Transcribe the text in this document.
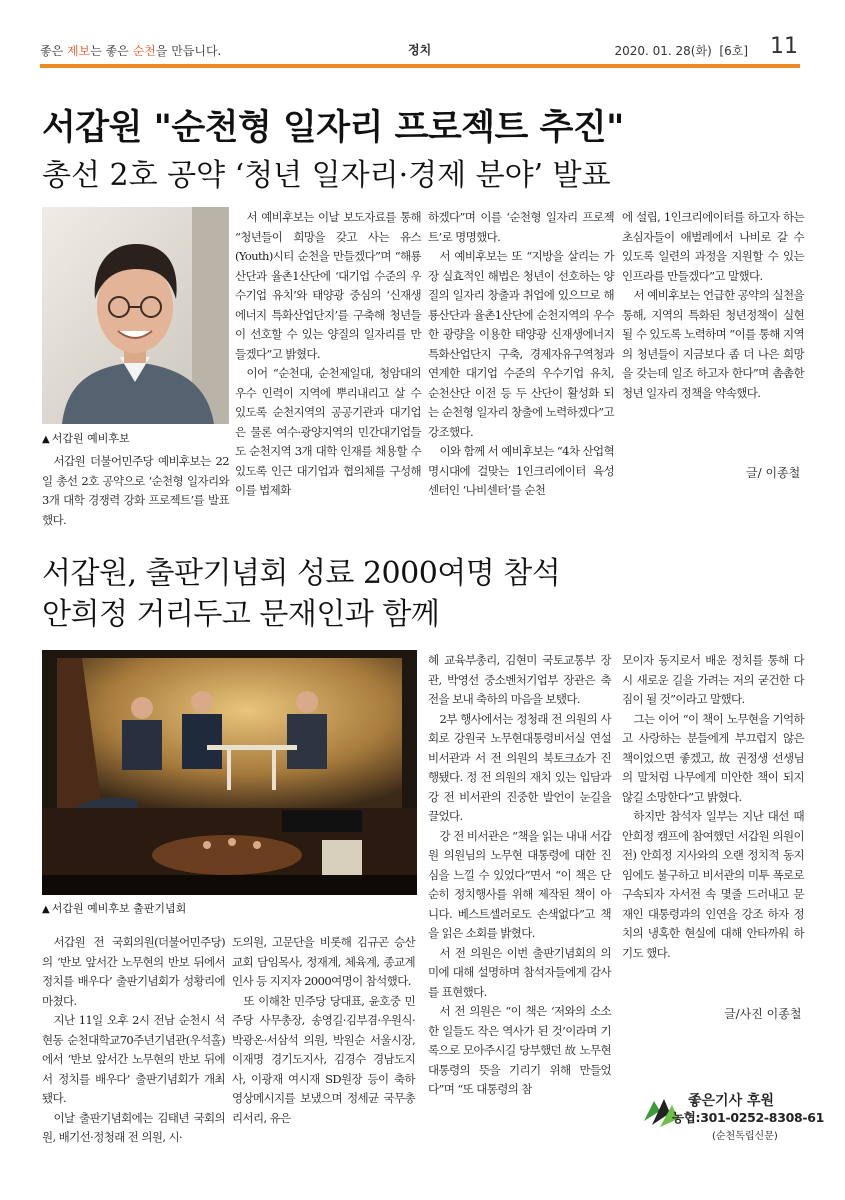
좋은 제보는 좋은 순천을 만듭니다.	정치	2020. 01. 28(화) [6호] 11
서갑원 "순천형 일자리 프로젝트 추진"
총선 2호 공약 ‘청년 일자리·경제 분야’ 발표
▲ 서갑원 예비후보

서갑원 더불어민주당 예비후보는 22일 총선 2호 공약으로 ‘순천형 일자리와 3개 대학 경쟁력 강화 프로젝트’를 발표했다.

서 예비후보는 이날 보도자료를 통해 “청년들이 희망을 갖고 사는 유스(Youth)시티 순천을 만들겠다”며 “해룡산단과 율촌1산단에 ‘대기업 수준의 우수기업 유치’와 태양광 중심의 ‘신재생에너지 특화산업단지’를 구축해 청년들이 선호할 수 있는 양질의 일자리를 만들겠다”고 밝혔다.

이어 “순천대, 순천제일대, 청암대의 우수 인력이 지역에 뿌리내리고 살 수 있도록 순천지역의 공공기관과 대기업은 물론 여수·광양지역의 민간대기업들도 순천지역 3개 대학 인재를 채용할 수 있도록 인근 대기업과 협의체를 구성해 이를 법제화

하겠다”며 이를 ‘순천형 일자리 프로젝트’로 명명했다.

서 예비후보는 또 “지방을 살리는 가장 실효적인 해법은 청년이 선호하는 양질의 일자리 창출과 취업에 있으므로 해룡산단과 율촌1산단에 순천지역의 우수한 광량을 이용한 태양광 신재생에너지 특화산업단지 구축, 경제자유구역청과 연계한 대기업 수준의 우수기업 유치, 순천산단 이전 등 두 산단이 활성화 되는 순천형 일자리 창출에 노력하겠다”고 강조했다.

이와 함께 서 예비후보는 “4차 산업혁명시대에 걸맞는 1인크리에이터 육성 센터인 ‘나비센터’를 순천

에 설립, 1인크리에이터를 하고자 하는 초심자들이 애벌레에서 나비로 갈 수 있도록 일련의 과정을 지원할 수 있는 인프라를 만들겠다”고 말했다.

서 예비후보는 언급한 공약의 실천을 통해, 지역의 특화된 청년정책이 실현될 수 있도록 노력하며 “이를 통해 지역의 청년들이 지금보다 좀 더 나은 희망을 갖는데 일조 하고자 한다”며 촘촘한 청년 일자리 정책을 약속했다.

글/ 이종철
서갑원, 출판기념회 성료 2000여명 참석
안희정 거리두고 문재인과 함께
▲ 서갑원 예비후보 출판기념회

서갑원 전 국회의원(더불어민주당)의 ‘반보 앞서간 노무현의 반보 뒤에서 정치를 배우다’ 출판기념회가 성황리에 마쳤다.

지난 11일 오후 2시 전남 순천시 석현동 순천대학교70주년기념관(우석홀)에서 ‘반보 앞서간 노무현의 반보 뒤에서 정치를 배우다’ 출판기념회가 개최됐다.

이날 출판기념회에는 김태년 국회의원, 배기선·정청래 전 의원, 시·

도의원, 고문단을 비롯해 김규곤 승산교회 담임목사, 정재계, 체육계, 종교계 인사 등 지지자 2000여명이 참석했다.

또 이해찬 민주당 당대표, 윤호중 민주당 사무총장, 송영길·김부겸·우원식·박광온·서삼석 의원, 박원순 서울시장, 이재명 경기도지사, 김경수 경남도지사, 이광재 여시재 SD원장 등이 축하 영상메시지를 보냈으며 정세균 국무총리서리, 유은

혜 교육부총리, 김현미 국토교통부 장관, 박영선 중소벤처기업부 장관은 축전을 보내 축하의 마음을 보탰다.

2부 행사에서는 정청래 전 의원의 사회로 강원국 노무현대통령비서실 연설비서관과 서 전 의원의 북토크쇼가 진행됐다. 정 전 의원의 재치 있는 입담과 강 전 비서관의 진중한 발언이 눈길을 끌었다.

강 전 비서관은 “책을 읽는 내내 서갑원 의원님의 노무현 대통령에 대한 진심을 느낄 수 있었다”면서 “이 책은 단순히 정치행사를 위해 제작된 책이 아니다. 베스트셀러로도 손색없다”고 책을 읽은 소회를 밝혔다.

서 전 의원은 이번 출판기념회의 의미에 대해 설명하며 참석자들에게 감사를 표현했다.

서 전 의원은 “이 책은 ‘저와의 소소한 일들도 작은 역사가 된 것’이라며 기록으로 모아주시길 당부했던 故 노무현 대통령의 뜻을 기리기 위해 만들었다”며 “또 대통령의 참

모이자 동지로서 배운 정치를 통해 다시 새로운 길을 가려는 저의 굳건한 다짐이 될 것”이라고 말했다.

그는 이어 “이 책이 노무현을 기억하고 사랑하는 분들에게 부끄럽지 않은 책이었으면 좋겠고, 故 권정생 선생님의 말처럼 나무에게 미안한 책이 되지 않길 소망한다”고 밝혔다.

하지만 참석자 일부는 지난 대선 때 안희정 캠프에 참여했던 서갑원 의원이 전) 안희정 지사와의 오랜 정치적 동지임에도 불구하고 비서관의 미투 폭로로 구속되자 자서전 속 몇줄 드러내고 문재인 대통령과의 인연을 강조 하자 정치의 냉혹한 현실에 대해 안타까워 하기도 했다.

글/사진 이종철
좋은기사 후원
농협:301-0252-8308-61
(순천독립신문)
